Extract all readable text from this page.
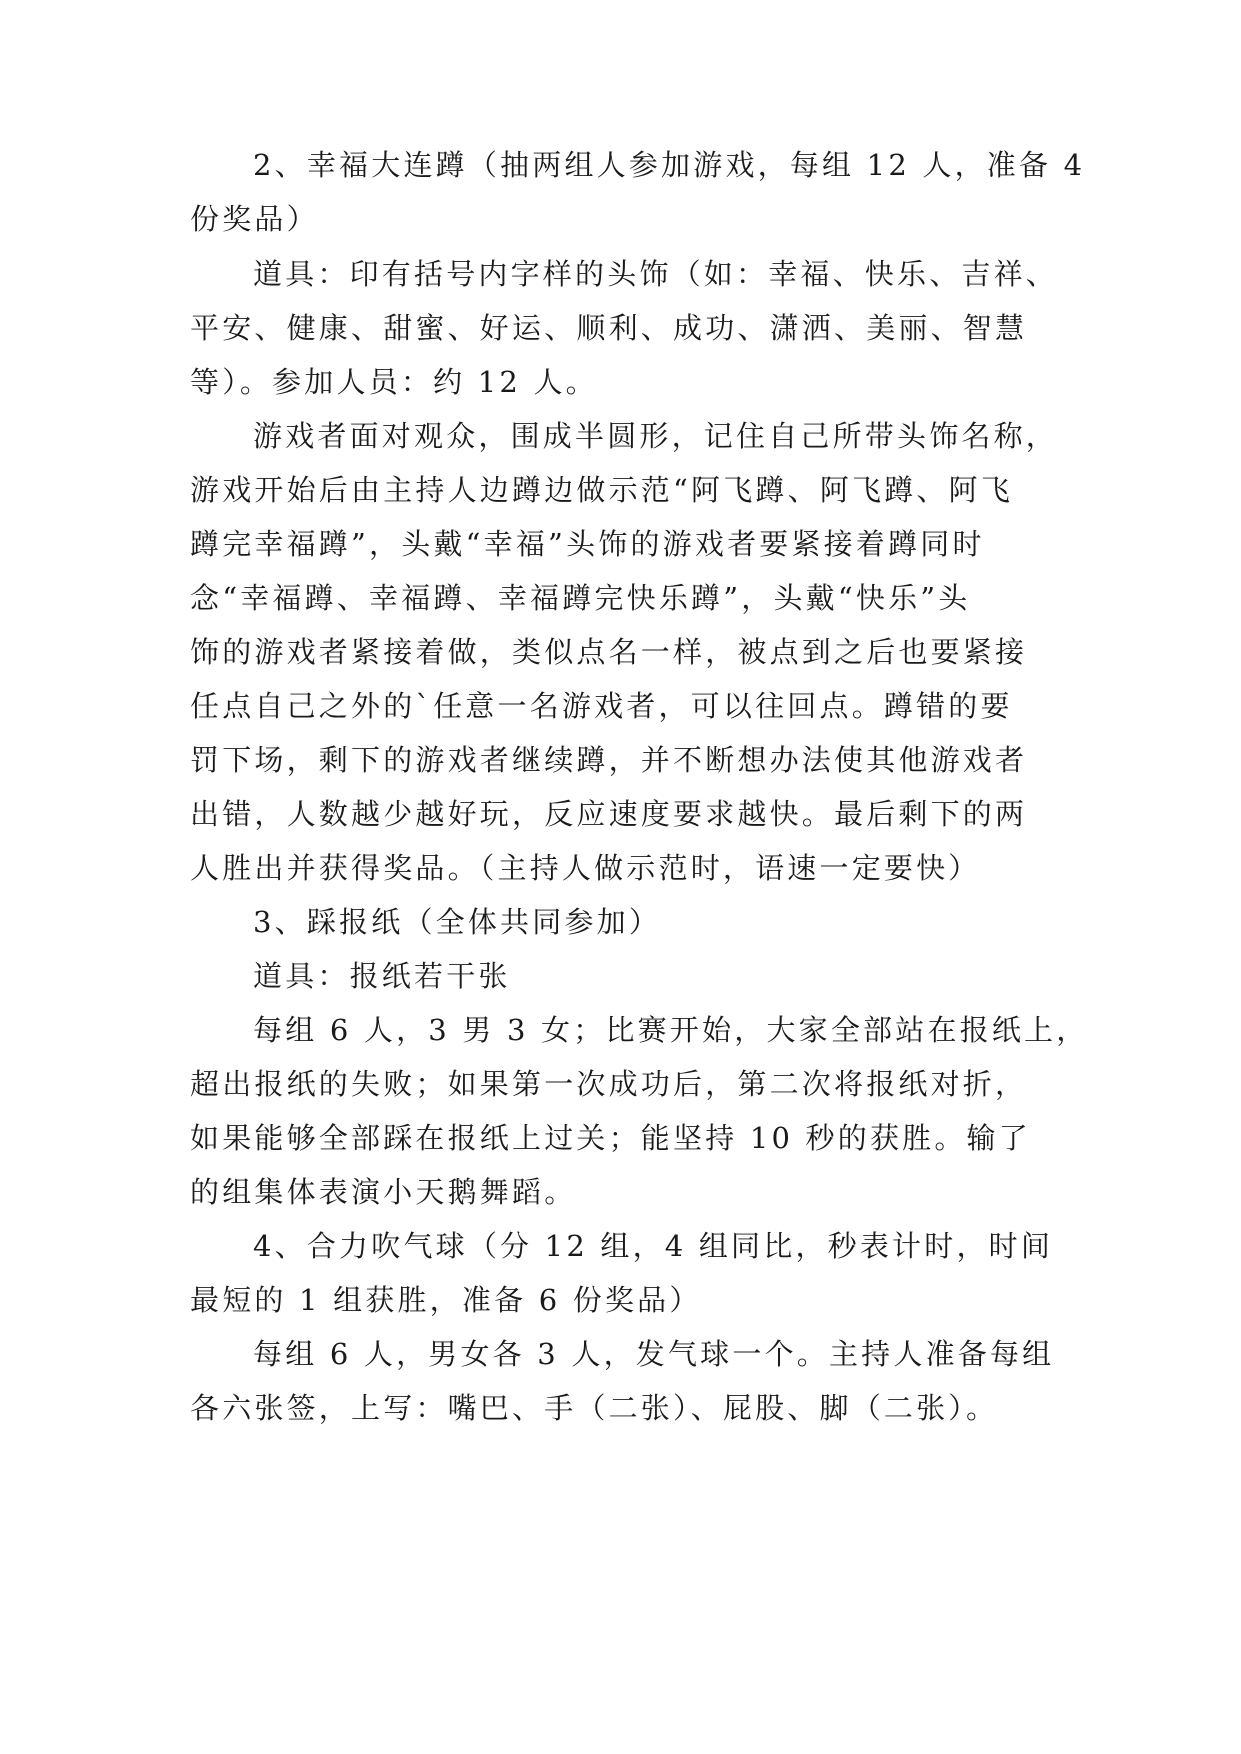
2、幸福大连蹲（抽两组人参加游戏，每组 12 人，准备 4
份奖品）
道具：印有括号内字样的头饰（如：幸福、快乐、吉祥、
平安、健康、甜蜜、好运、顺利、成功、潇洒、美丽、智慧
等）。参加人员：约 12 人。
游戏者面对观众，围成半圆形，记住自己所带头饰名称，
游戏开始后由主持人边蹲边做示范“阿飞蹲、阿飞蹲、阿飞
蹲完幸福蹲”，头戴“幸福”头饰的游戏者要紧接着蹲同时
念“幸福蹲、幸福蹲、幸福蹲完快乐蹲”，头戴“快乐”头
饰的游戏者紧接着做，类似点名一样，被点到之后也要紧接
任点自己之外的`任意一名游戏者，可以往回点。蹲错的要
罚下场，剩下的游戏者继续蹲，并不断想办法使其他游戏者
出错，人数越少越好玩，反应速度要求越快。最后剩下的两
人胜出并获得奖品。（主持人做示范时，语速一定要快）
3、踩报纸（全体共同参加）
道具：报纸若干张
每组 6 人，3 男 3 女；比赛开始，大家全部站在报纸上，
超出报纸的失败；如果第一次成功后，第二次将报纸对折，
如果能够全部踩在报纸上过关；能坚持 10 秒的获胜。输了
的组集体表演小天鹅舞蹈。
4、合力吹气球（分 12 组，4 组同比，秒表计时，时间
最短的 1 组获胜，准备 6 份奖品）
每组 6 人，男女各 3 人，发气球一个。主持人准备每组
各六张签，上写：嘴巴、手（二张）、屁股、脚（二张）。
